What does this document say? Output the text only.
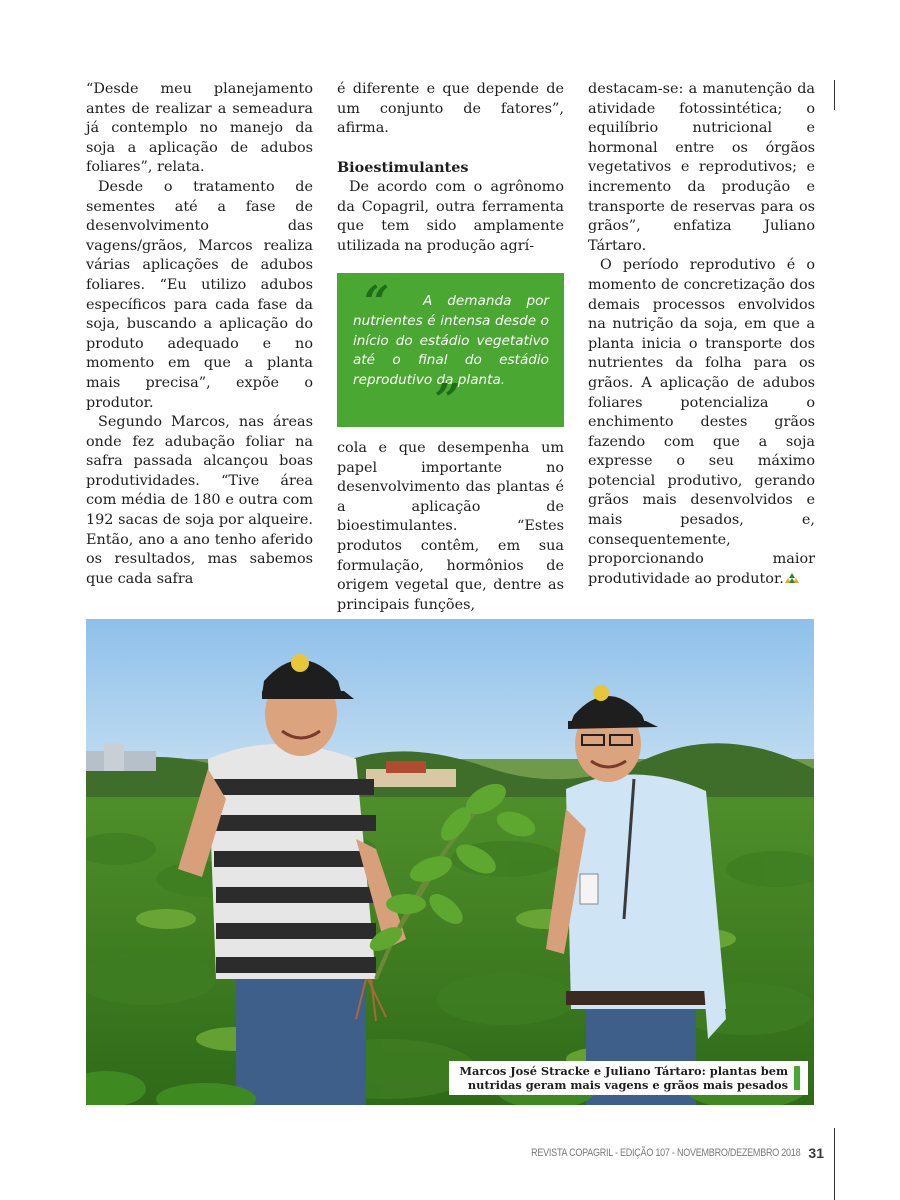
“Desde meu planejamento antes de realizar a semeadura já contemplo no manejo da soja a aplicação de adubos foliares”, relata.

Desde o tratamento de sementes até a fase de desenvolvimento das vagens/grãos, Marcos realiza várias aplicações de adubos foliares. “Eu utilizo adubos específicos para cada fase da soja, buscando a aplicação do produto adequado e no momento em que a planta mais precisa”, expõe o produtor.

Segundo Marcos, nas áreas onde fez adubação foliar na safra passada alcançou boas produtividades. “Tive área com média de 180 e outra com 192 sacas de soja por alqueire. Então, ano a ano tenho aferido os resultados, mas sabemos que cada safra

é diferente e que depende de um conjunto de fatores”, afirma.

Bioestimulantes

De acordo com o agrônomo da Copagril, outra ferramenta que tem sido amplamente utilizada na produção agrí-

cola e que desempenha um papel importante no desenvolvimento das plantas é a aplicação de bioestimulantes. “Estes produtos contêm, em sua formulação, hormônios de origem vegetal que, dentre as principais funções,

“	A demanda por nutrientes é intensa desde o início do estádio vegetativo até o final do estádio reprodutivo da planta.

”

destacam-se: a manutenção da atividade fotossintética; o equilíbrio nutricional e hormonal entre os órgãos vegetativos e reprodutivos; e incremento da produção e transporte de reservas para os grãos”, enfatiza Juliano Tártaro.

O período reprodutivo é o momento de concretização dos demais processos envolvidos na nutrição da soja, em que a planta inicia o transporte dos nutrientes da folha para os grãos. A aplicação de adubos foliares potencializa o enchimento destes grãos fazendo com que a soja expresse o seu máximo potencial produtivo, gerando grãos mais desenvolvidos e mais pesados, e, consequentemente, proporcionando maior produtividade ao produtor.

Marcos José Stracke e Juliano Tártaro: plantas bem
nutridas geram mais vagens e grãos mais pesados
REVISTA COPAGRIL - EDIÇÃO 107 - NOVEMBRO/DEZEMBRO 2018 31
